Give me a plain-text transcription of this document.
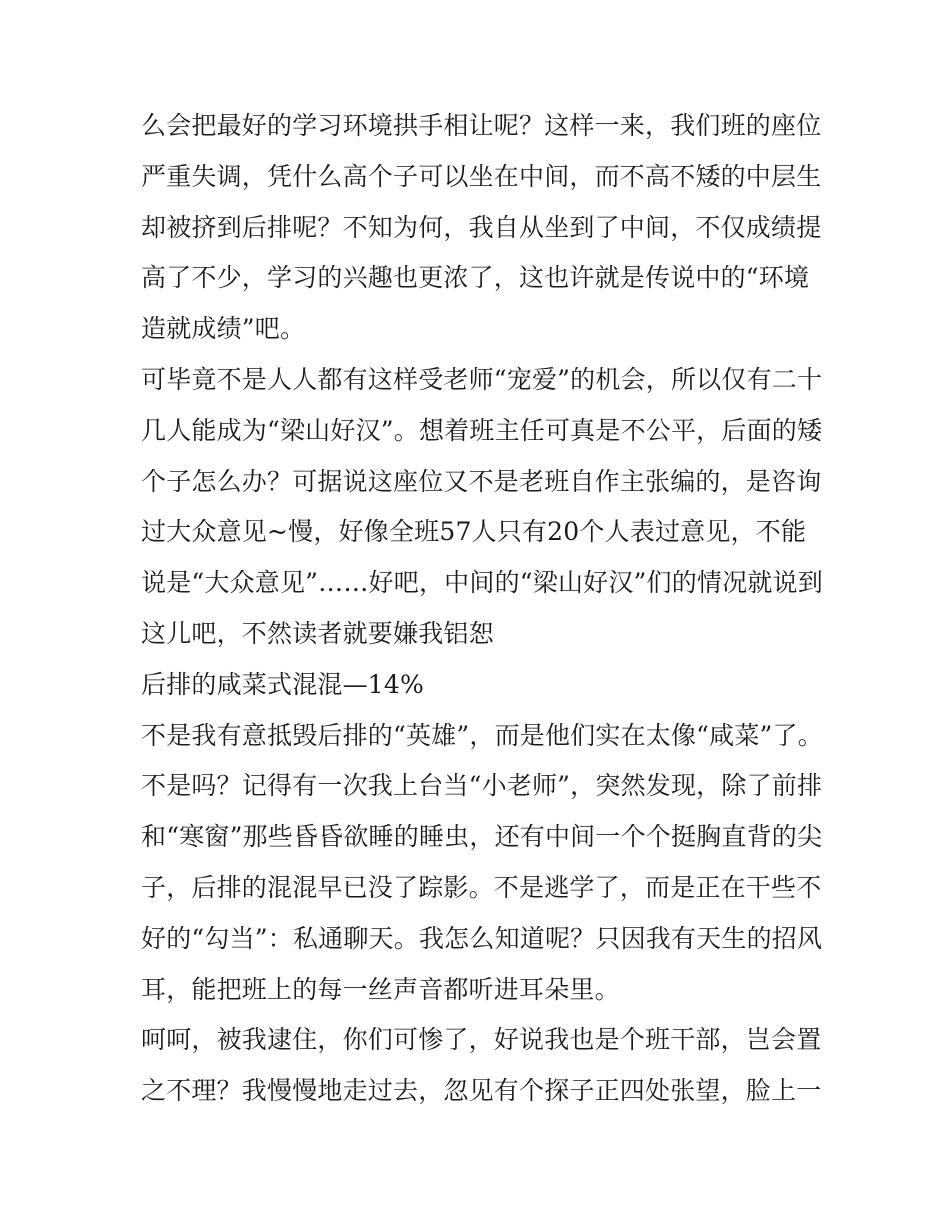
么会把最好的学习环境拱手相让呢？这样一来，我们班的座位
严重失调，凭什么高个子可以坐在中间，而不高不矮的中层生
却被挤到后排呢？不知为何，我自从坐到了中间，不仅成绩提
高了不少，学习的兴趣也更浓了，这也许就是传说中的“环境
造就成绩”吧。
可毕竟不是人人都有这样受老师“宠爱”的机会，所以仅有二十
几人能成为“梁山好汉”。想着班主任可真是不公平，后面的矮
个子怎么办？可据说这座位又不是老班自作主张编的，是咨询
过大众意见~慢，好像全班57人只有20个人表过意见，不能
说是“大众意见”……好吧，中间的“梁山好汉”们的情况就说到
这儿吧，不然读者就要嫌我铝恕
后排的咸菜式混混—14%
不是我有意抵毁后排的“英雄”，而是他们实在太像“咸菜”了。
不是吗？记得有一次我上台当“小老师”，突然发现，除了前排
和“寒窗”那些昏昏欲睡的睡虫，还有中间一个个挺胸直背的尖
子，后排的混混早已没了踪影。不是逃学了，而是正在干些不
好的“勾当”：私通聊天。我怎么知道呢？只因我有天生的招风
耳，能把班上的每一丝声音都听进耳朵里。
呵呵，被我逮住，你们可惨了，好说我也是个班干部，岂会置
之不理？我慢慢地走过去，忽见有个探子正四处张望，脸上一
